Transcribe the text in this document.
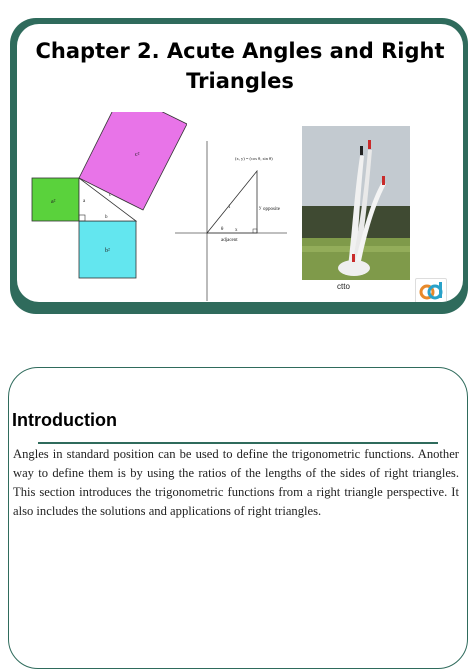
Chapter 2. Acute Angles and Right Triangles
a²
b²
c²
a
b
c
(x, y) = (cos θ, sin θ)
1	y opposite
θ x
adjacent
ctto
Introduction

Angles in standard position can be used to define the trigonometric functions. Another way to define them is by using the ratios of the lengths of the sides of right triangles. This section introduces the trigonometric functions from a right triangle perspective. It also includes the solutions and applications of right triangles.
